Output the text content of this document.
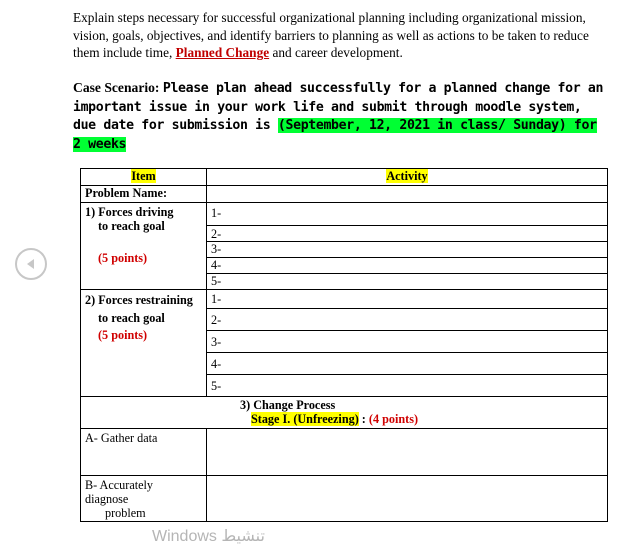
Explain steps necessary for successful organizational planning including organizational mission, vision, goals, objectives, and identify barriers to planning as well as actions to be taken to reduce them include time, Planned Change and career development.
Case Scenario: Please plan ahead successfully for a planned change for an important issue in your work life and submit through moodle system, due date for submission is (September, 12, 2021 in class/ Sunday) for 2 weeks
Item	Activity
Problem Name:	

1) Forces driving
to reach goal
(5 points)	1-
	2-
	3-
	4-
	5-

2) Forces restraining
to reach goal
(5 points)	1-
	2-
	3-
	4-
	5-

3) Change Process
Stage I. (Unfreezing) : (4 points)	

A- Gather data	

B- Accurately
diagnose
problem	

Windows تنشيط
